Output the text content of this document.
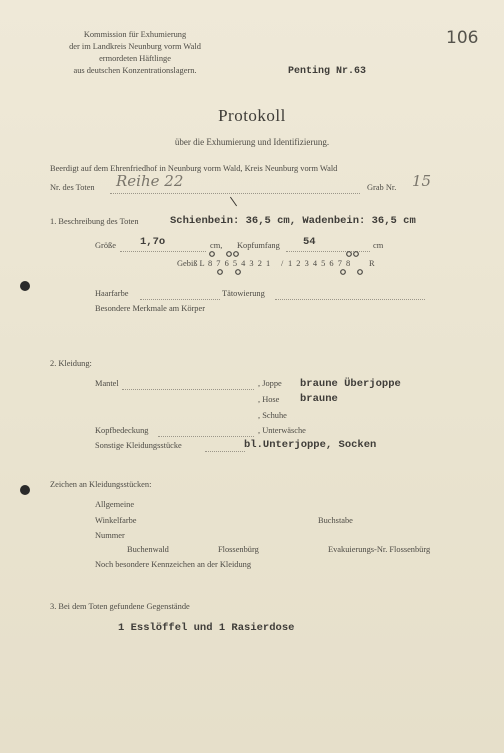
Kommission für Exhumierung
der im Landkreis Neunburg vorm Wald
ermordeten Häftlinge
aus deutschen Konzentrationslagern.
106
Penting Nr.63
Protokoll
über die Exhumierung und Identifizierung.
Beerdigt auf dem Ehrenfriedhof in Neunburg vorm Wald, Kreis Neunburg vorm Wald
Nr. des Toten Reihe 22	Grab Nr. 15
1. Beschreibung des Toten	Schienbein: 36,5 cm, Wadenbein: 36,5 cm
Größe 1,7o	cm, Kopfumfang 54	cm
Gebiß L 8 7 6 5 4 3 2 1 / 1 2 3 4 5 6 7 8 R
Haarfarbe	Tätowierung
Besondere Merkmale am Körper
2. Kleidung:
Mantel	, Joppe braune Überjoppe
, Hose braune
, Schuhe
Kopfbedeckung	, Unterwäsche
Sonstige Kleidungsstücke	bl.Unterjoppe, Socken
Zeichen an Kleidungsstücken:
Allgemeine
Winkelfarbe	Buchstabe
Nummer
Buchenwald	Flossenbürg	Evakuierungs-Nr. Flossenbürg
Noch besondere Kennzeichen an der Kleidung
3. Bei dem Toten gefundene Gegenstände
1 Esslöffel und 1 Rasierdose
